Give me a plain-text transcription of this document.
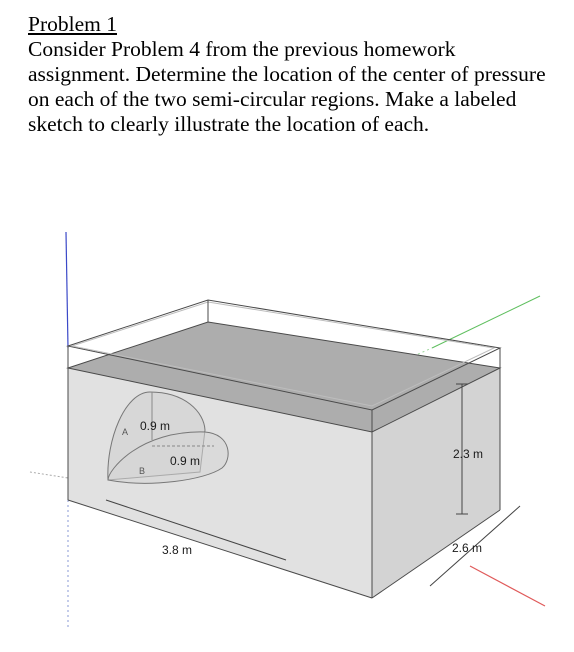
Problem 1
Consider Problem 4 from the previous homework assignment. Determine the location of the center of pressure on each of the two semi-circular regions. Make a labeled sketch to clearly illustrate the location of each.
A 0.9 m
B
0.9 m	2.3 m
3.8 m	2.6 m
